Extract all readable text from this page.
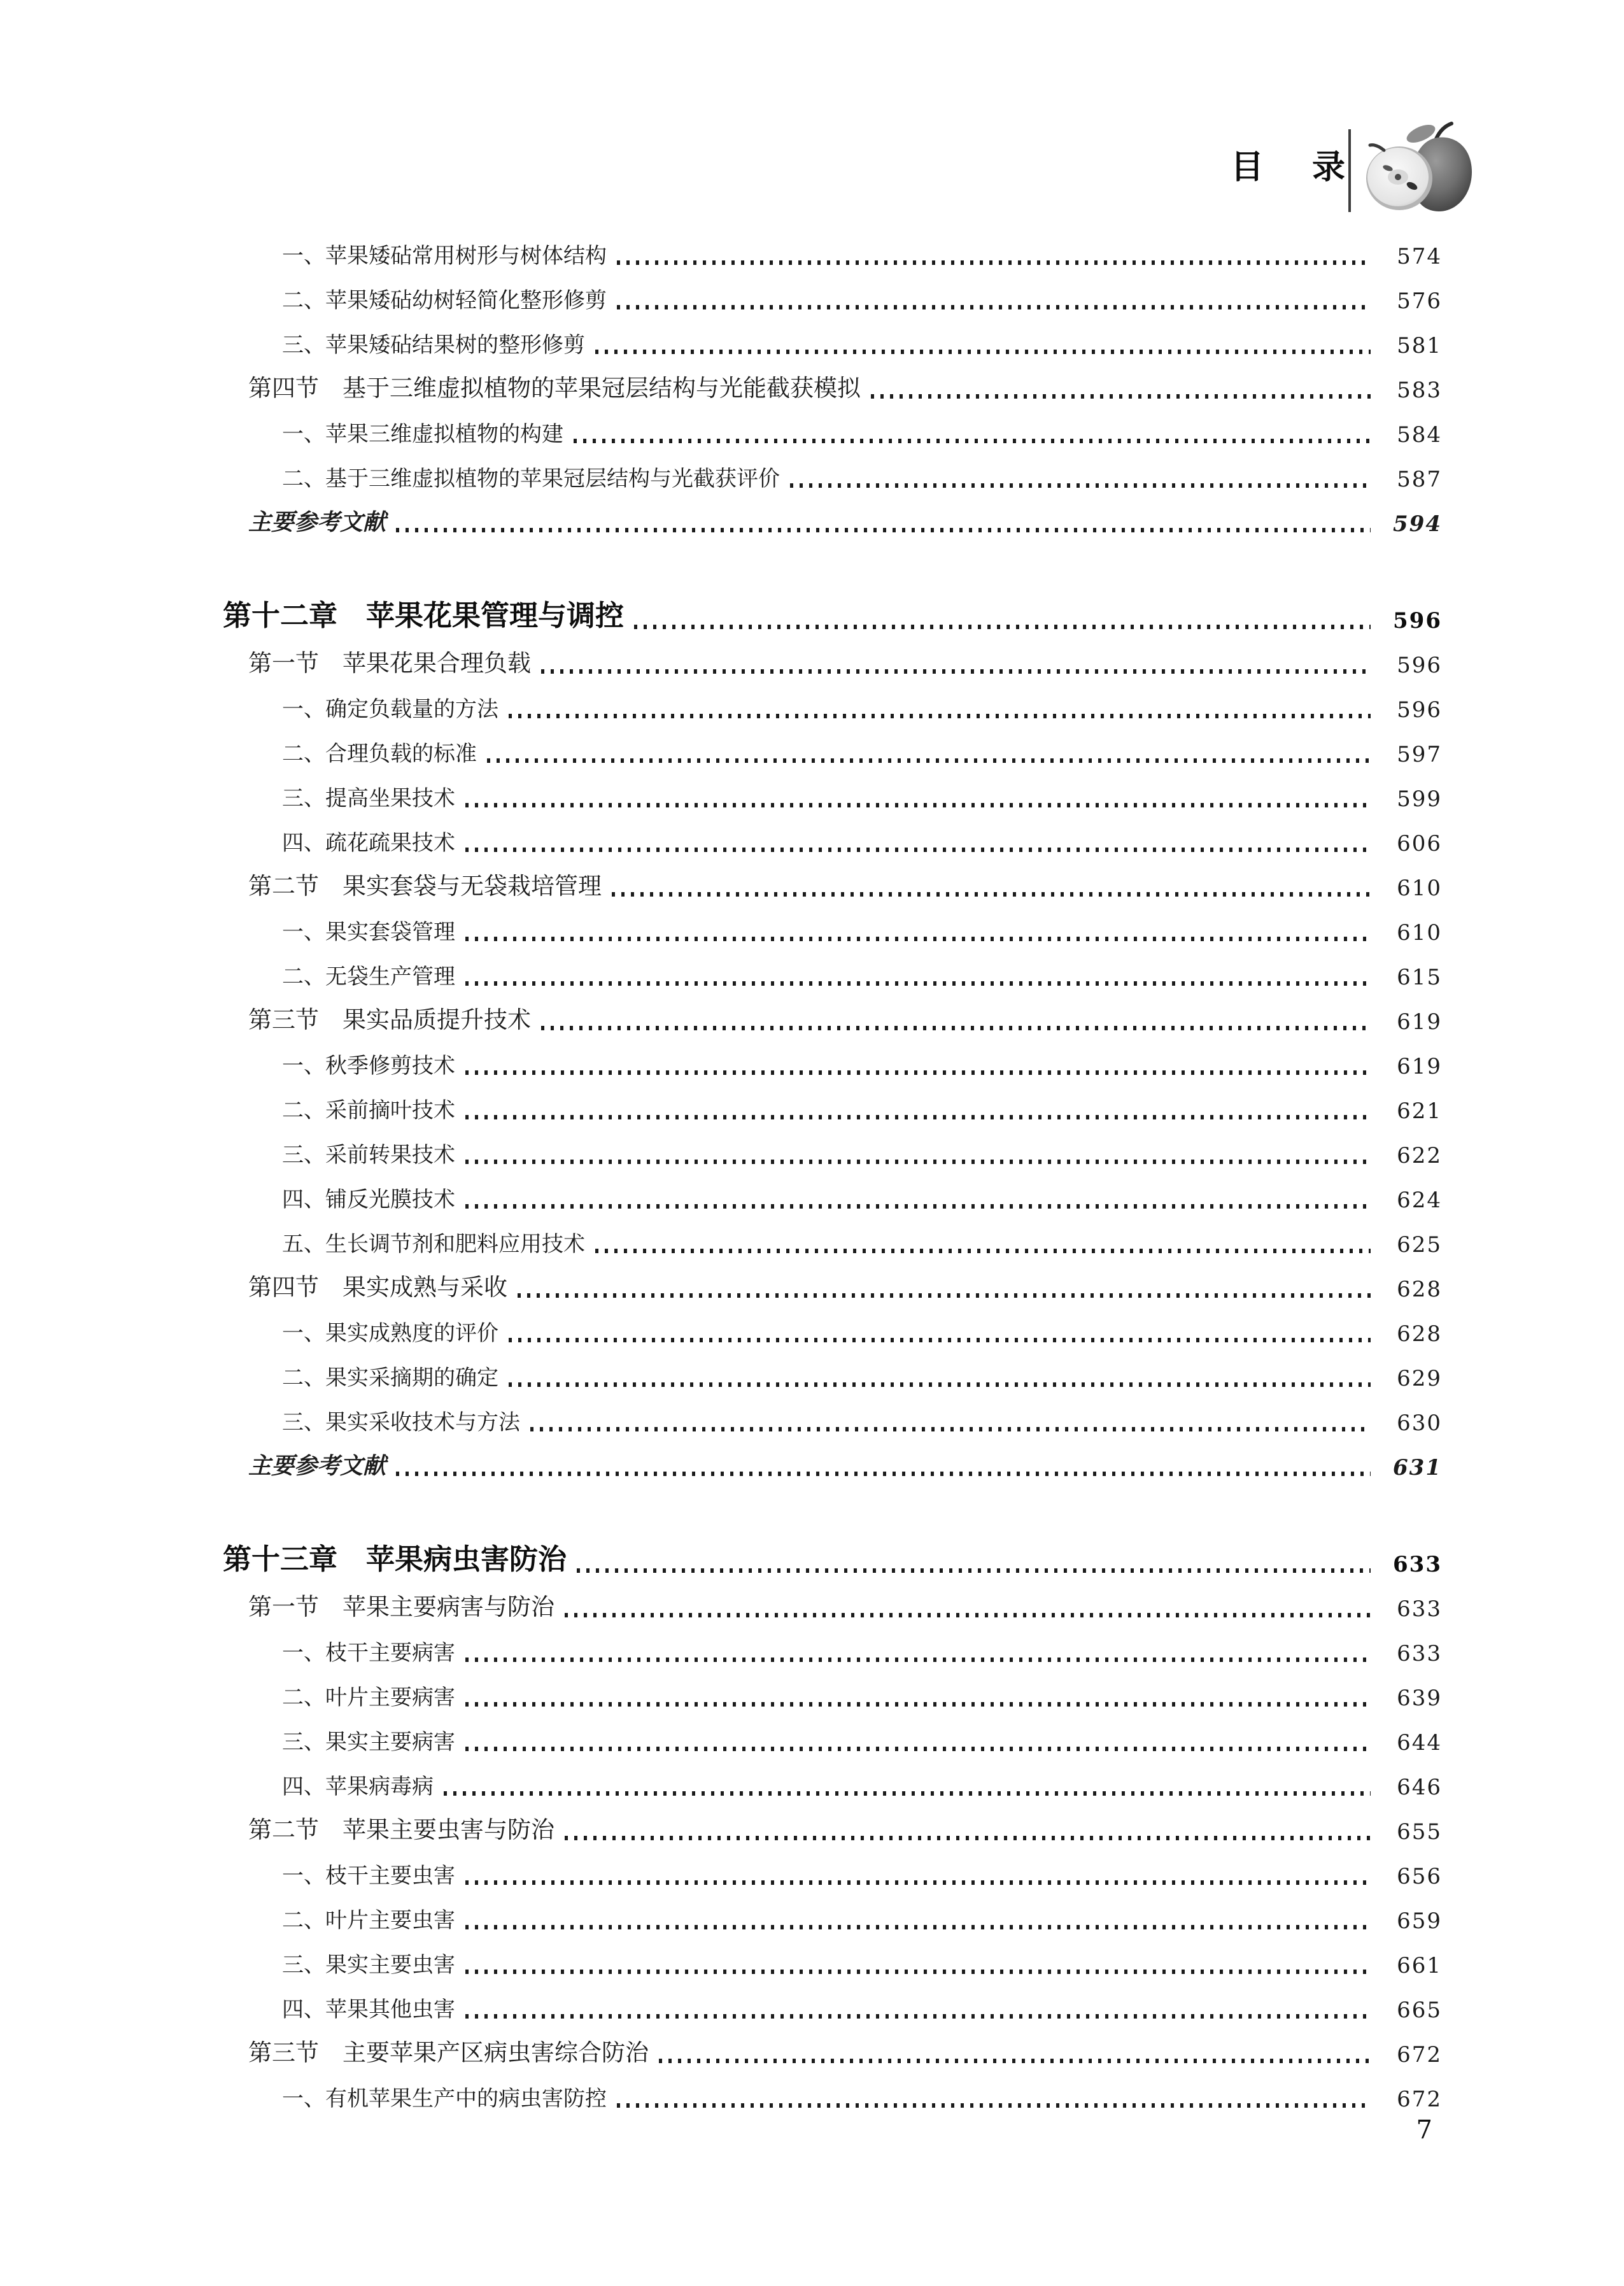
目 录
一、苹果矮砧常用树形与树体结构	574
二、苹果矮砧幼树轻简化整形修剪	576
三、苹果矮砧结果树的整形修剪	581
第四节　基于三维虚拟植物的苹果冠层结构与光能截获模拟	583
一、苹果三维虚拟植物的构建	584
二、基于三维虚拟植物的苹果冠层结构与光截获评价	587
主要参考文献	594
第十二章　苹果花果管理与调控	596
第一节　苹果花果合理负载	596
一、确定负载量的方法	596
二、合理负载的标准	597
三、提高坐果技术	599
四、疏花疏果技术	606
第二节　果实套袋与无袋栽培管理	610
一、果实套袋管理	610
二、无袋生产管理	615
第三节　果实品质提升技术	619
一、秋季修剪技术	619
二、采前摘叶技术	621
三、采前转果技术	622
四、铺反光膜技术	624
五、生长调节剂和肥料应用技术	625
第四节　果实成熟与采收	628
一、果实成熟度的评价	628
二、果实采摘期的确定	629
三、果实采收技术与方法	630
主要参考文献	631
第十三章　苹果病虫害防治	633
第一节　苹果主要病害与防治	633
一、枝干主要病害	633
二、叶片主要病害	639
三、果实主要病害	644
四、苹果病毒病	646
第二节　苹果主要虫害与防治	655
一、枝干主要虫害	656
二、叶片主要虫害	659
三、果实主要虫害	661
四、苹果其他虫害	665
第三节　主要苹果产区病虫害综合防治	672
一、有机苹果生产中的病虫害防控	672
7
